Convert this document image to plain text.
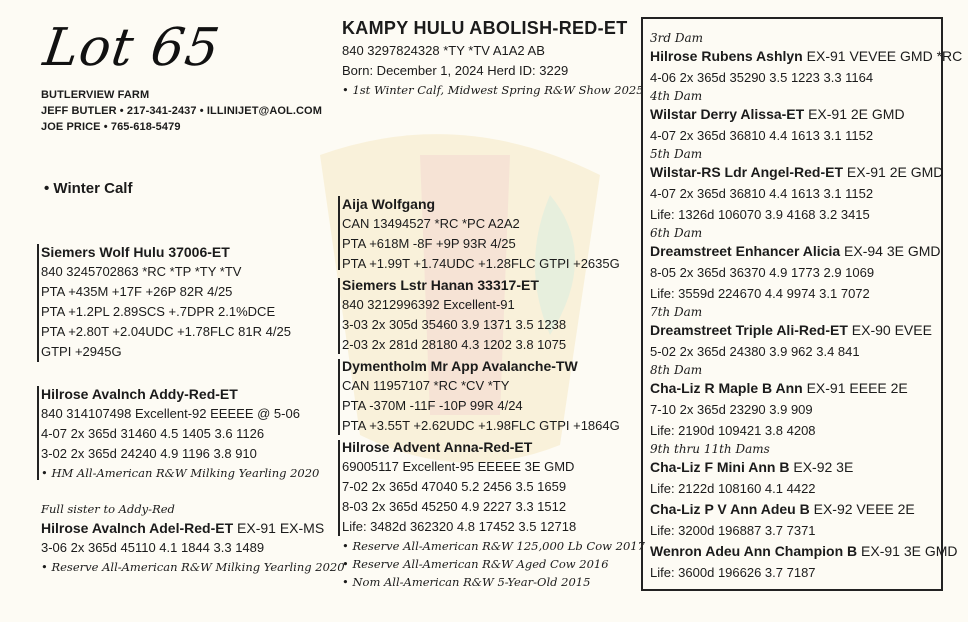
Lot 65
BUTLERVIEW FARM
JEFF BUTLER • 217-341-2437 • ILLINIJET@AOL.COM
JOE PRICE • 765-618-5479
• Winter Calf
KAMPY HULU ABOLISH-RED-ET
840 3297824328 *TY *TV A1A2 AB
Born: December 1, 2024 Herd ID: 3229
• 1st Winter Calf, Midwest Spring R&W Show 2025
Siemers Wolf Hulu 37006-ET
840 3245702863 *RC *TP *TY *TV
PTA +435M +17F +26P 82R 4/25
PTA +1.2PL 2.89SCS +.7DPR 2.1%DCE
PTA +2.80T +2.04UDC +1.78FLC 81R 4/25
GTPI +2945G
Hilrose Avalnch Addy-Red-ET
840 314107498 Excellent-92 EEEEE @ 5-06
4-07 2x 365d 31460 4.5 1405 3.6 1126
3-02 2x 365d 24240 4.9 1196 3.8 910
• HM All-American R&W Milking Yearling 2020
Full sister to Addy-Red
Hilrose Avalnch Adel-Red-ET EX-91 EX-MS
3-06 2x 365d 45110 4.1 1844 3.3 1489
• Reserve All-American R&W Milking Yearling 2020
Aija Wolfgang
CAN 13494527 *RC *PC A2A2
PTA +618M -8F +9P 93R 4/25
PTA +1.99T +1.74UDC +1.28FLC GTPI +2635G
Siemers Lstr Hanan 33317-ET
840 3212996392 Excellent-91
3-03 2x 305d 35460 3.9 1371 3.5 1238
2-03 2x 281d 28180 4.3 1202 3.8 1075
Dymentholm Mr App Avalanche-TW
CAN 11957107 *RC *CV *TY
PTA -370M -11F -10P 99R 4/24
PTA +3.55T +2.62UDC +1.98FLC GTPI +1864G
Hilrose Advent Anna-Red-ET
69005117 Excellent-95 EEEEE 3E GMD
7-02 2x 365d 47040 5.2 2456 3.5 1659
8-03 2x 365d 45250 4.9 2227 3.3 1512
Life: 3482d 362320 4.8 17452 3.5 12718
• Reserve All-American R&W 125,000 Lb Cow 2017
• Reserve All-American R&W Aged Cow 2016
• Nom All-American R&W 5-Year-Old 2015
3rd Dam
Hilrose Rubens Ashlyn EX-91 VEVEE GMD *RC
4-06 2x 365d 35290 3.5 1223 3.3 1164
4th Dam
Wilstar Derry Alissa-ET EX-91 2E GMD
4-07 2x 365d 36810 4.4 1613 3.1 1152
5th Dam
Wilstar-RS Ldr Angel-Red-ET EX-91 2E GMD
4-07 2x 365d 36810 4.4 1613 3.1 1152
Life: 1326d 106070 3.9 4168 3.2 3415
6th Dam
Dreamstreet Enhancer Alicia EX-94 3E GMD
8-05 2x 365d 36370 4.9 1773 2.9 1069
Life: 3559d 224670 4.4 9974 3.1 7072
7th Dam
Dreamstreet Triple Ali-Red-ET EX-90 EVEE
5-02 2x 365d 24380 3.9 962 3.4 841
8th Dam
Cha-Liz R Maple B Ann EX-91 EEEE 2E
7-10 2x 365d 23290 3.9 909
Life: 2190d 109421 3.8 4208
9th thru 11th Dams
Cha-Liz F Mini Ann B EX-92 3E
Life: 2122d 108160 4.1 4422
Cha-Liz P V Ann Adeu B EX-92 VEEE 2E
Life: 3200d 196887 3.7 7371
Wenron Adeu Ann Champion B EX-91 3E GMD
Life: 3600d 196626 3.7 7187
